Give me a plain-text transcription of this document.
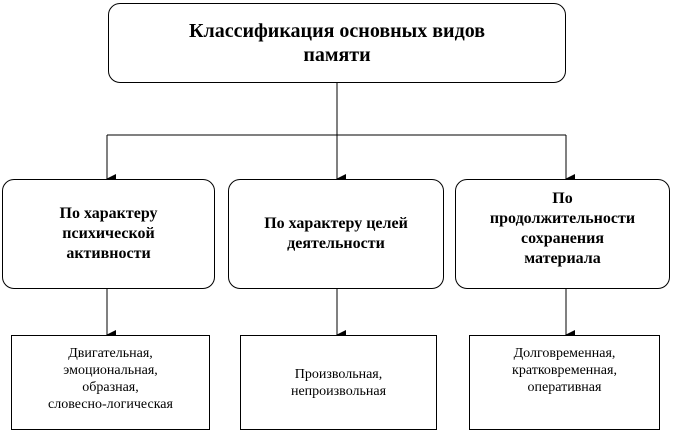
Классификация основных видов
памяти
По характеру
психической
активности
По характеру целей
деятельности
По
продолжительности
сохранения
материала
Двигательная,
эмоциональная,
образная,
словесно-логическая
Произвольная,
непроизвольная
Долговременная,
кратковременная,
оперативная
